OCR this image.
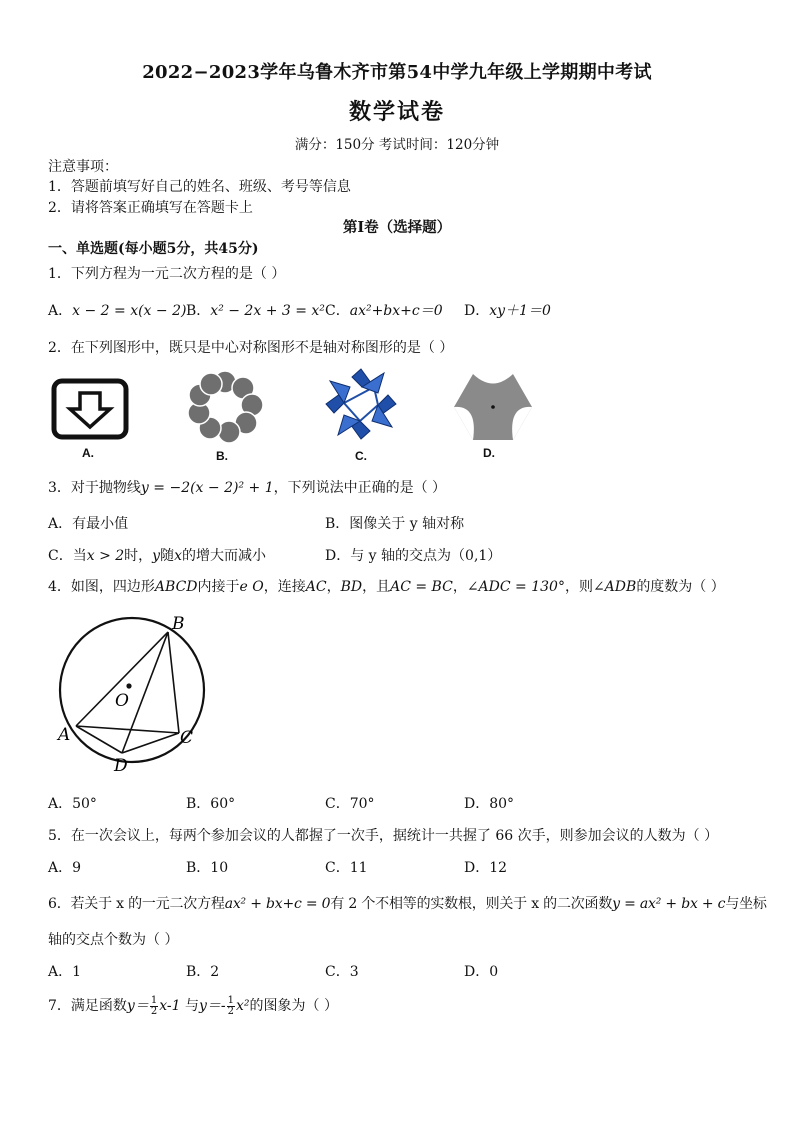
2022−2023学年乌鲁木齐市第54中学九年级上学期期中考试
数学试卷
满分：150分 考试时间：120分钟
注意事项：
1．答题前填写好自己的姓名、班级、考号等信息
2．请将答案正确填写在答题卡上
第Ⅰ卷（选择题）
一、单选题(每小题5分，共45分)
1．下列方程为一元二次方程的是（ ）
A．x − 2 = x(x − 2) B．x² − 2x + 3 = x² C．ax²+bx+c＝0 D．xy＋1＝0
2．在下列图形中，既只是中心对称图形不是轴对称图形的是（ ）
A.	B.	C.	D.
3．对于抛物线y = −2(x − 2)² + 1，下列说法中正确的是（ ）
A．有最小值	B．图像关于 y 轴对称
C．当x > 2时，y随x的增大而减小	D．与 y 轴的交点为（0,1）
4．如图，四边形ABCD内接于e O，连接AC，BD，且AC = BC，∠ADC = 130°，则∠ADB的度数为（ ）
B
O
A	C
D
A．50°	B．60°	C．70°	D．80°
5．在一次会议上，每两个参加会议的人都握了一次手，据统计一共握了 66 次手，则参加会议的人数为（ ）
A．9	B．10	C．11	D．12
6．若关于 x 的一元二次方程ax² + bx+c = 0有 2 个不相等的实数根，则关于 x 的二次函数y = ax² + bx + c与坐标
轴的交点个数为（ ）
A．1	B．2	C．3	D．0
7．满足函数$y= \frac{1}{2} x-1$ 与$y=- \frac{1}{2} x^2$的图象为（ ）
